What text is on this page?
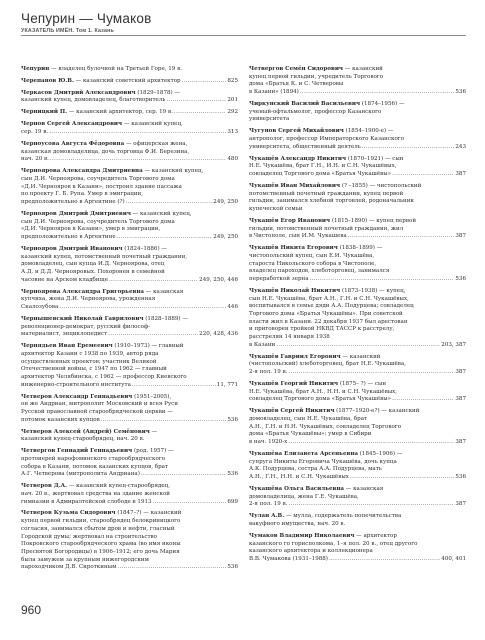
Чепурин — Чумаков
УКАЗАТЕЛЬ ИМЁН. Том 1. Казань
Чепурин — владелец булочной на Третьей Горе, 19 в.
Черепанов Ю.В. — казанский советский архитектор .....	825
Черкасов Дмитрий Александрович (1829–1878) —
казанский купец, домовладелец, благотворитель .....	201
Черницкий П. — казанский архитектор, сер. 19 в. .....	292
Чернов Сергей Александрович — казанский купец,
сер. 19 в. .....	313
Чернoуcова Августа Фёдоровна — офицерская жена,
казанская домовладелица, дочь торговца Ф.И. Березина,
нач. 20 в. .....	480
Черноярова Александра Дмитриевна — казанский купец,
сын Д.И. Черноярова, соучредитель Торгового дома
«Д.И. Чернояров в Казани», построил здание пассажа
по проекту Г. Б. Рупа. Умер в эмиграции,
предположительно в Аргентине (?) .....	249, 250
Чернояров Дмитрий Дмитриевич — казанский купец,
сын Д.И. Черноярова, соучредитель Торгового дома
«Д.И. Чернояров в Казани», умер в эмиграции,
предположительно в Аргентине .....	249, 250
Чернояров Дмитрий Иванович (1824–1886) —
казанский купец, потомственный почетный гражданин,
домовладелец, сын купца И.Д. Черноярова, отец
А.Д. и Д.Д. Чернояровых. Похоронен в семейной
часовне на Арском кладбище .....	249, 250, 446
Черноярова Александра Григорьевна — казанская
купчиха, жена Д.И. Черноярова, урожденная
Скалозубова .....	446
Чернышевский Николай Гаврилович (1828–1889) —
революционер-демократ, русский философ-
материалист, энциклопедист .....	220, 428, 436
Чернядьев Иван Еремеевич (1910–1973) — главный
архитектор Казани с 1938 по 1939, автор ряда
осуществленных проектов; участник Великой
Отечественной войны, с 1947 по 1962 — главный
архитектор Челябинска, с 1962 — профессор Киевского
инженерно-строительного института .....	11, 771
Четверов Александр Геннадьевич (1951–2005),
он же Андриан, митрополит Московский и всея Руси
Русской православной старообрядческой церкви —
потомок казанских купцов .....	536
Четверов Алексей (Андрей) Семёнович —
казанский купец-старообрядец, нач. 20 в.
Четвергов Геннадий Геннадьевич (род. 1957) —
протоиерей нарофоминского старообрядческого
собора в Казани, потомок казанских купцов, брат
А.Г. Четверова (митрополита Андриана) .....	536
Четверов Д.А. — казанский купец-старообрядец,
нач. 20 в., жертвовал средства на здание женской
гимназии в Адмиралтейской слободе в 1913 .....	699
Четверов Кузьма Сидорович (1847–?) — казанский
купец первой гильдии, старообрядец белокриницкого
согласия, занимался сбытом дров и нефти, гласный
Городской думы; жертвовал на строительство
Покровского старообрядческого храма (во имя иконы
Пресвятой Богородицы) в 1906–1912; его дочь Мария
была замужем за крупным нижегородским
пароходчиком Д.В. Сироткиным .....	536
Четвергов Семён Сидорович — казанский
купец первой гильдии, учредитель Торгового
дома «Братья К. и С. Четверовы
в Казани» (1894) .....	536
Чиркунский Василий Васильевич (1874–1956) —
ученый-офтальмолог, профессор Казанского
университета
Чугунов Сергей Михайлович (1854–1900-е) —
антрополог, профессор Императорского Казанского
университета, общественный деятель .....	243
Чукашёв Александр Никитич (1870–1921) — сын
Н.Е. Чукашёва, брат Г.Н., И.Н. и С.Н. Чукашёвых,
совладелец Торгового дома «Братья Чукашёвы» .....	387
Чукашёв Иван Михайлович (? –1855) — чистопольский
потомственный почетный гражданин, купец первой
гильдии, занимался хлебной торговлей, родоначальник
купеческой семьи
Чукашёв Егор Иванович (1815–1890) — купец первой
гильдии, потомственный почетный гражданин, жил
в Чистополе, сын И.М. Чукашева .....	387
Чукашёв Никита Егорович (1838–1899) —
чистопольский купец, сын Е.И. Чукашёва,
староста Никольского собора в Чистополе,
владелец пароходов, хлеботорговец, занимался
переработкой зерна .....	536
Чукашёв Николай Никитич (1873–1938) — купец,
сын Н.Е. Чукашёва, брат А.Н., Г.Н. и С.Н. Чукашёвых,
воспитывался в семье дяди А.А. Подурцева; совладелец
Торгового дома «Братья Чукашёвы». При советской
власти жил в Казани. 22 декабря 1937 был арестован
и приговорен тройкой НКВД ТАССР к расстрелу,
расстрелян 14 января 1938
в Казани .....	203, 387
Чукашёв Гавриил Егорович — казанский
(чистопольский) хлеботорговец, брат Н.Е. Чукашёва,
2-я пол. 19 в. .....	387
Чукашёв Георгий Никитич (1875– ?) — сын
Н.Е. Чукашёва, брат А.Н., Н.Н. и С.Н. Чукашёвых,
совладелец Торгового дома «Братья Чукашёвы» .....	387
Чукашёв Сергей Никитич (1877–1920-е?) — казанский
домовладелец, сын Н.Е. Чукашёва, брат
А.Н., Г.Н. и Н.Н. Чукашёвых, совладелец Торгового
дома «Братья Чукашёвы»; умер в Сибири
в нач. 1920-х .....	387
Чукашёва Елизавета Арсеньевна (1845–1906) —
супруга Никиты Егоровича Чукашёва, дочь купца
А.К. Подурцева, сестра А.А. Подурцева, мать
А.Н., Г.Н., Н.Н. и С.Н. Чукашёвых .....	536
Чукашёва Ольга Васильевна — казанская
домовладелица, жена Г.Е. Чукашёва,
2-я пол. 19 в. .....	387
Чулан А.В. — муллa, содержатель попечительства
вакуфного имущества, нач. 20 в.
Чумаков Владимир Николаевич — архитектор
казанского го горисполкома, 1–я пол. 20 в., отец другого
казанского архитектора и коллекционера
В.В. Чумакова (1931–1988) .....	400, 401
960
